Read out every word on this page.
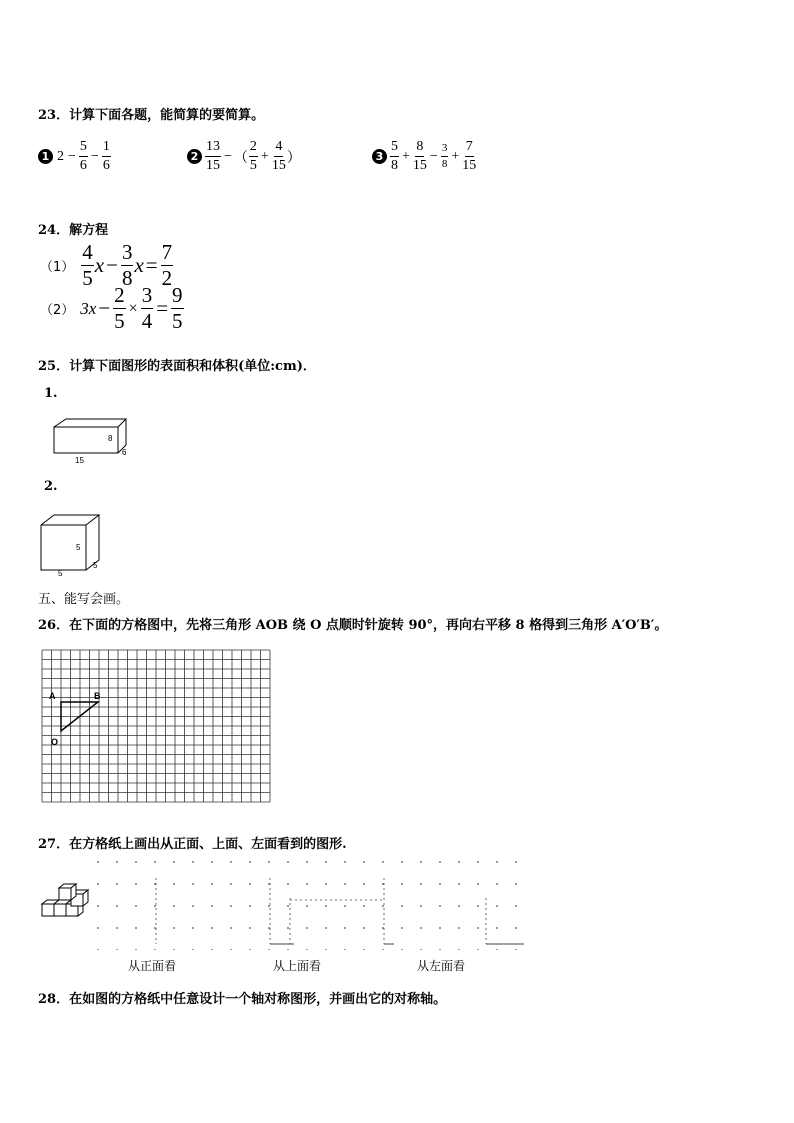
23．计算下面各题，能简算的要简算。
1 $2 - \frac{5}{6} - \frac{1}{6}$	$2 \frac{13}{15}$ − （ $\frac{2}{5} + \frac{4}{15}$ ）	$3 \frac{5}{8} + \frac{8}{15} - \frac{3}{8} + \frac{7}{15}$
24．解方程
$(1) \frac{4}{5}$ $x - \frac{3}{8}$ $x = \frac{7}{2}$
（2） $3x - \frac{2}{5} \times \frac{3}{4} = \frac{9}{5}$
25．计算下面图形的表面积和体积(单位:cm)．
1.
8
15
6
2.
5
5
5
五、能写会画。
26．在下面的方格图中，先将三角形 AOB 绕 O 点顺时针旋转 90°，再向右平移 8 格得到三角形 A′O′B′。
A	B
O
27．在方格纸上画出从正面、上面、左面看到的图形.
从正面看	从上面看	从左面看
28．在如图的方格纸中任意设计一个轴对称图形，并画出它的对称轴。
